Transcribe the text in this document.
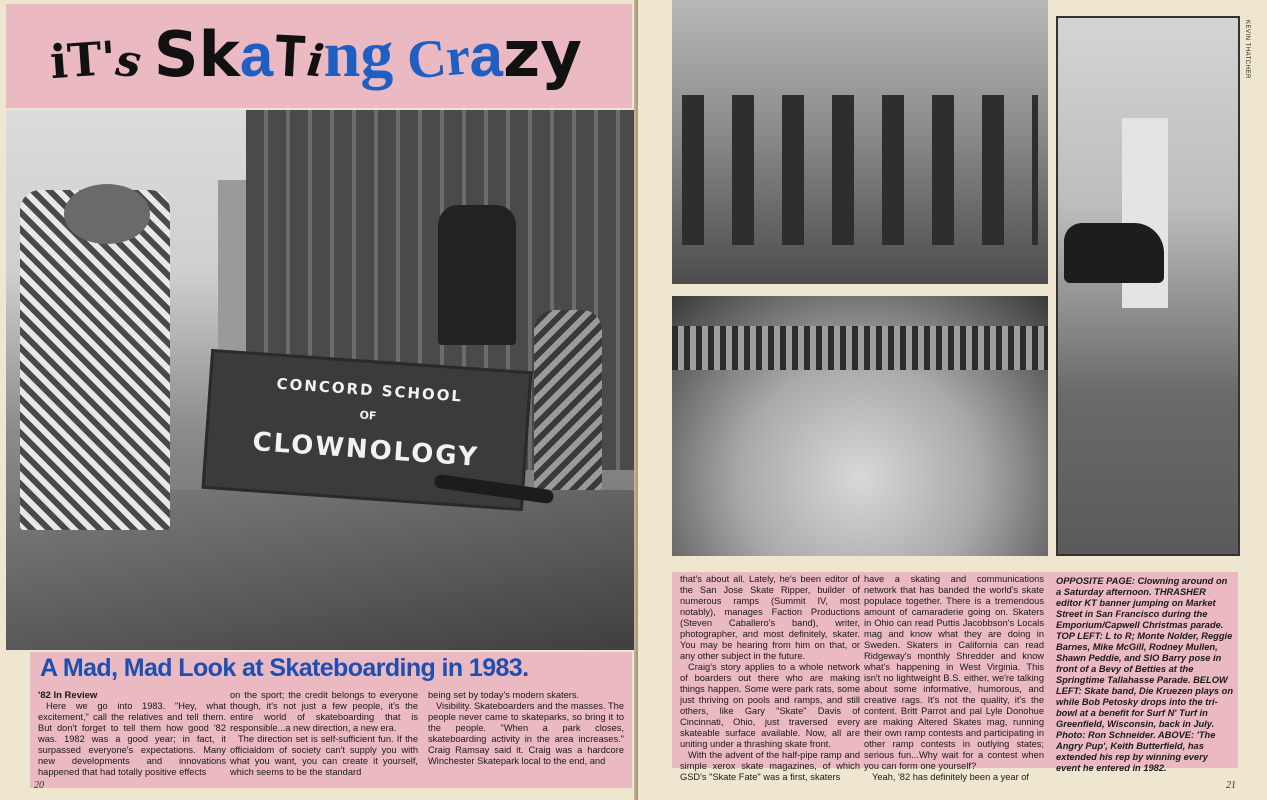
iT's SkaTing Crazy
CONCORD SCHOOL
OF
CLOWNOLOGY
A Mad, Mad Look at Skateboarding in 1983.
'82 In Review

Here we go into 1983. "Hey, what excitement," call the relatives and tell them. But don't forget to tell them how good '82 was. 1982 was a good year; in fact, it surpassed everyone's expectations. Many new developments and innovations happened that had totally positive effects

on the sport; the credit belongs to everyone though, it's not just a few people, it's the entire world of skateboarding that is responsible...a new direction, a new era.

The direction set is self-sufficient fun. If the officialdom of society can't supply you with what you want, you can create it yourself, which seems to be the standard

being set by today's modern skaters.

Visibility. Skateboarders and the masses. The people never came to skateparks, so bring it to the people. "When a park closes, skateboarding activity in the area increases." Craig Ramsay said it. Craig was a hardcore Winchester Skatepark local to the end, and

20
KEVIN THATCHER

that's about all. Lately, he's been editor of the San Jose Skate Ripper, builder of numerous ramps (Summit IV, most notably), manages Faction Productions (Steven Caballero's band), writer, photographer, and most definitely, skater. You may be hearing from him on that, or any other subject in the future.

Craig's story applies to a whole network of boarders out there who are making things happen. Some were park rats, some just thriving on pools and ramps, and still others, like Gary "Skate" Davis of Cincinnati, Ohio, just traversed every skateable surface available. Now, all are uniting under a thrashing skate front.

With the advent of the half-pipe ramp and simple xerox skate magazines, of which GSD's "Skate Fate" was a first, skaters

have a skating and communications network that has banded the world's skate populace together. There is a tremendous amount of camaraderie going on. Skaters in Ohio can read Puttis Jacobbson's Locals mag and know what they are doing in Sweden. Skaters in California can read Ridgeway's monthly Shredder and know what's happening in West Virginia. This isn't no lightweight B.S. either, we're talking about some informative, humorous, and creative rags. It's not the quality, it's the content. Britt Parrot and pal Lyle Donohue are making Altered Skates mag, running their own ramp contests and participating in other ramp contests in outlying states; serious fun...Why wait for a contest when you can form one yourself?

Yeah, '82 has definitely been a year of

OPPOSITE PAGE: Clowning around on a Saturday afternoon. THRASHER editor KT banner jumping on Market Street in San Francisco during the Emporium/Capwell Christmas parade. TOP LEFT: L to R; Monte Nolder, Reggie Barnes, Mike McGill, Rodney Mullen, Shawn Peddie, and SIO Barry pose in front of a Bevy of Betties at the Springtime Tallahasse Parade. BELOW LEFT: Skate band, Die Kruezen plays on while Bob Petosky drops into the tri-bowl at a benefit for Surf N' Turf in Greenfield, Wisconsin, back in July. Photo: Ron Schneider. ABOVE: 'The Angry Pup', Keith Butterfield, has extended his rep by winning every event he entered in 1982.
21
